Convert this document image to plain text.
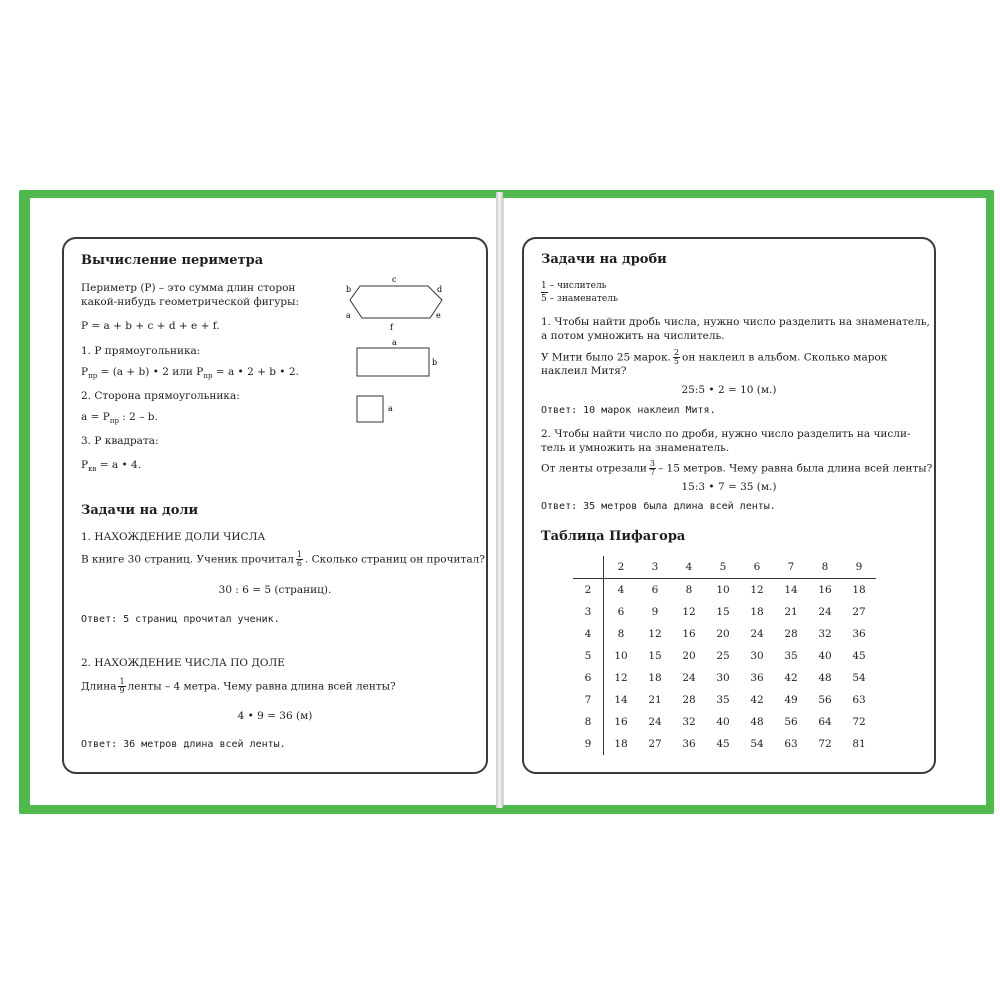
Вычисление периметра
Периметр (P) – это сумма длин сторон
какой-нибудь геометрической фигуры:
P = a + b + c + d + e + f.
1. P прямоугольника:
$P_{пр} = (a + b)$ • 2 или $P_{пр} = a$ • 2 + b • 2.
2. Сторона прямоугольника:
$a = P_{пр}$ : 2 – b.
3. P квадрата:
$P_{кв} = a$ • 4.
b
c
d
a
f
e
a
b
a
Задачи на доли
1. НАХОЖДЕНИЕ ДОЛИ ЧИСЛА
В книге 30 страниц. Ученик прочитал $\frac{1}{6}$ . Сколько страниц он прочитал?
30 : 6 = 5 (страниц).
Ответ: 5 страниц прочитал ученик.
2. НАХОЖДЕНИЕ ЧИСЛА ПО ДОЛЕ
Длина $\frac{1}{9}$ ленты – 4 метра. Чему равна длина всей ленты?
4 • 9 = 36 (м)
Ответ: 36 метров длина всей ленты.
Задачи на дроби
1 – числитель
5 – знаменатель
1. Чтобы найти дробь числа, нужно число разделить на знаменатель,
а потом умножить на числитель.
У Мити было 25 марок. $\frac{2}{5}$ он наклеил в альбом. Сколько марок
наклеил Митя?
25:5 • 2 = 10 (м.)
Ответ: 10 марок наклеил Митя.
2. Чтобы найти число по дроби, нужно число разделить на числи-
тель и умножить на знаменатель.
От ленты отрезали $\frac{3}{7} - 15$ метров. Чему равна была длина всей ленты?
15:3 • 7 = 35 (м.)
Ответ: 35 метров была длина всей ленты.
Таблица Пифагора
	2	3	4	5	6	7	8	9
2	4	6	8	10	12	14	16	18
3	6	9	12	15	18	21	24	27
4	8	12	16	20	24	28	32	36
5	10	15	20	25	30	35	40	45
6	12	18	24	30	36	42	48	54
7	14	21	28	35	42	49	56	63
8	16	24	32	40	48	56	64	72
9	18	27	36	45	54	63	72	81
